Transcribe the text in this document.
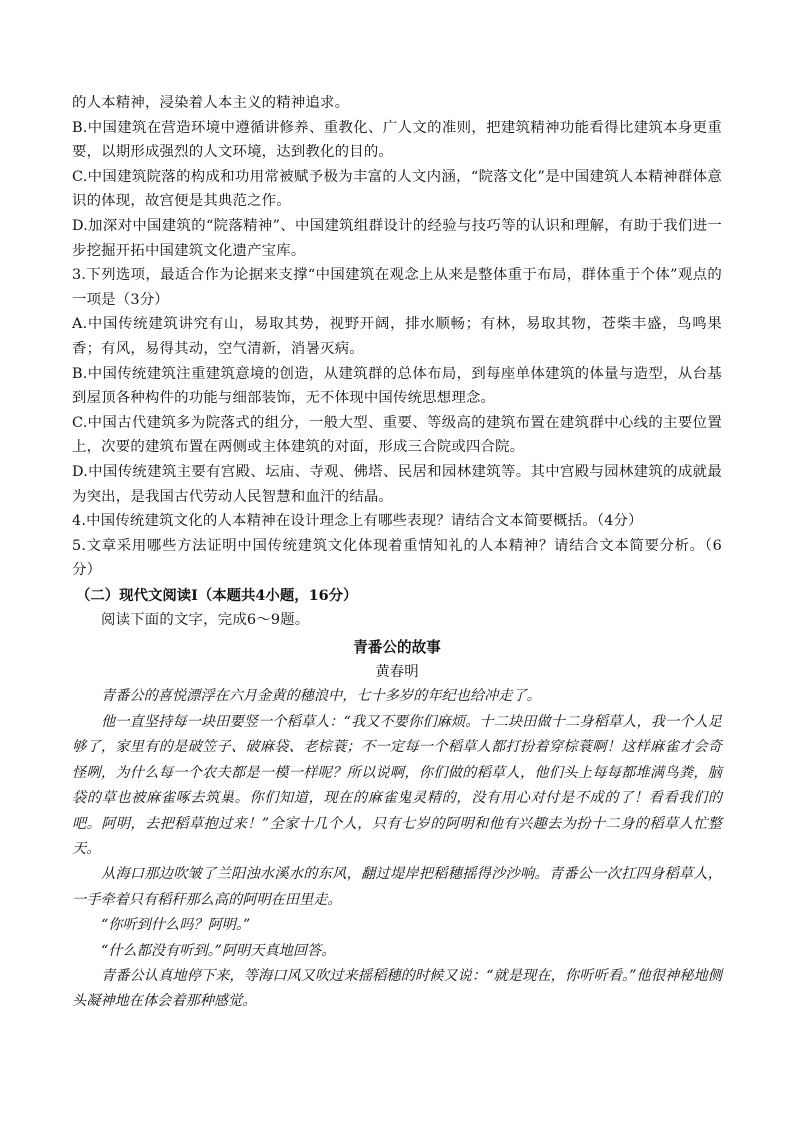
的人本精神，浸染着人本主义的精神追求。
B.中国建筑在营造环境中遵循讲修养、重教化、广人文的准则，把建筑精神功能看得比建筑本身更重要，以期形成强烈的人文环境，达到教化的目的。
C.中国建筑院落的构成和功用常被赋予极为丰富的人文内涵，“院落文化”是中国建筑人本精神群体意识的体现，故宫便是其典范之作。
D.加深对中国建筑的“院落精神”、中国建筑组群设计的经验与技巧等的认识和理解，有助于我们进一步挖掘开拓中国建筑文化遗产宝库。
3.下列选项，最适合作为论据来支撑“中国建筑在观念上从来是整体重于布局，群体重于个体”观点的一项是（3分）
A.中国传统建筑讲究有山，易取其势，视野开阔，排水顺畅；有林，易取其物，苍柴丰盛，鸟鸣果香；有风，易得其动，空气清新，消暑灭病。
B.中国传统建筑注重建筑意境的创造，从建筑群的总体布局，到每座单体建筑的体量与造型，从台基到屋顶各种构件的功能与细部装饰，无不体现中国传统思想理念。
C.中国古代建筑多为院落式的组分，一般大型、重要、等级高的建筑布置在建筑群中心线的主要位置上，次要的建筑布置在两侧或主体建筑的对面，形成三合院或四合院。
D.中国传统建筑主要有宫殿、坛庙、寺观、佛塔、民居和园林建筑等。其中宫殿与园林建筑的成就最为突出，是我国古代劳动人民智慧和血汗的结晶。
4.中国传统建筑文化的人本精神在设计理念上有哪些表现？请结合文本简要概括。（4分）
5.文章采用哪些方法证明中国传统建筑文化体现着重情知礼的人本精神？请结合文本简要分析。（6分）
（二）现代文阅读Ⅰ（本题共4小题，16分）
阅读下面的文字，完成6～9题。
青番公的故事
黄春明
青番公的喜悦漂浮在六月金黄的穗浪中，七十多岁的年纪也给冲走了。
他一直坚持每一块田要竖一个稻草人：“我又不要你们麻烦。十二块田做十二身稻草人，我一个人足够了，家里有的是破笠子、破麻袋、老棕蓑；不一定每一个稻草人都打扮着穿棕蓑啊！这样麻雀才会奇怪咧，为什么每一个农夫都是一模一样呢？所以说啊，你们做的稻草人，他们头上每每都堆满鸟粪，脑袋的草也被麻雀啄去筑巢。你们知道，现在的麻雀鬼灵精的，没有用心对付是不成的了！看看我们的吧。阿明，去把稻草抱过来！”全家十几个人，只有七岁的阿明和他有兴趣去为扮十二身的稻草人忙整天。
从海口那边吹皱了兰阳浊水溪水的东风，翻过堤岸把稻穗摇得沙沙响。青番公一次扛四身稻草人，一手牵着只有稻秆那么高的阿明在田里走。
“你听到什么吗？阿明。”
“什么都没有听到。”阿明天真地回答。
青番公认真地停下来，等海口风又吹过来摇稻穗的时候又说：“就是现在，你听听看。”他很神秘地侧头凝神地在体会着那种感觉。
